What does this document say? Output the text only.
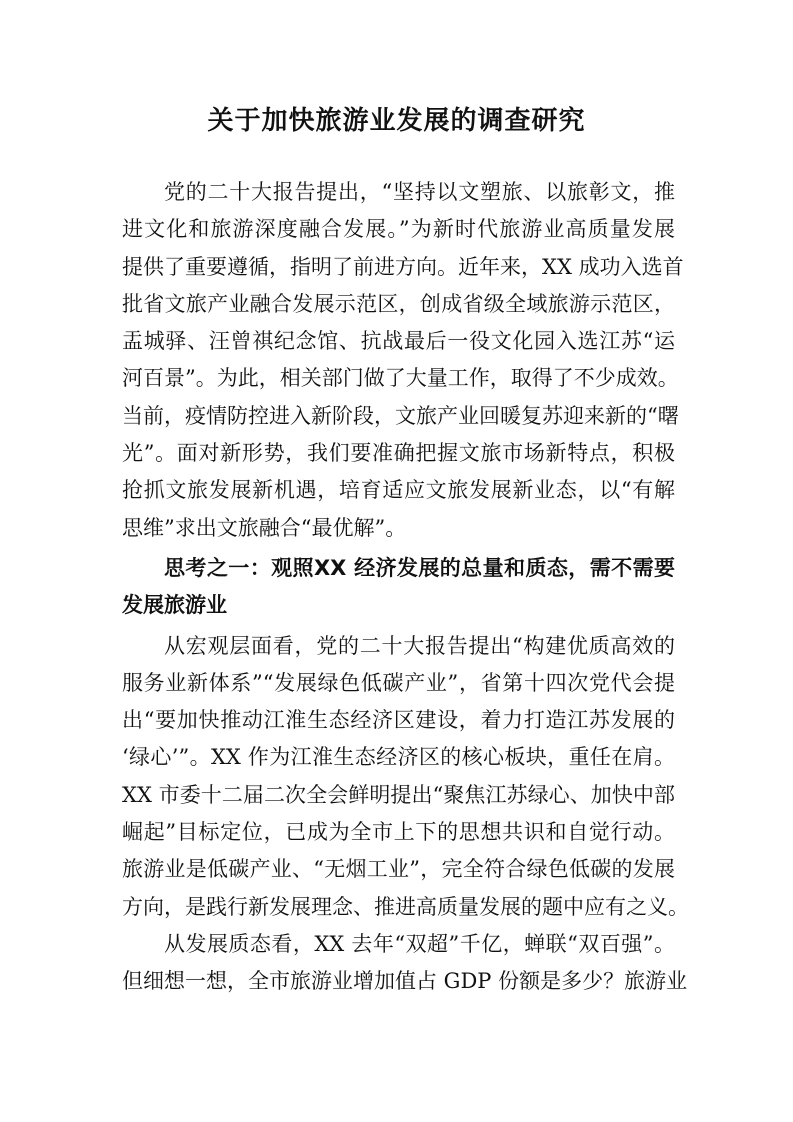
关于加快旅游业发展的调查研究
党的二十大报告提出，“坚持以文塑旅、以旅彰文，推
进文化和旅游深度融合发展。”为新时代旅游业高质量发展
提供了重要遵循，指明了前进方向。近年来，XX 成功入选首
批省文旅产业融合发展示范区，创成省级全域旅游示范区，
盂城驿、汪曾祺纪念馆、抗战最后一役文化园入选江苏“运
河百景”。为此，相关部门做了大量工作，取得了不少成效。
当前，疫情防控进入新阶段，文旅产业回暖复苏迎来新的“曙
光”。面对新形势，我们要准确把握文旅市场新特点，积极
抢抓文旅发展新机遇，培育适应文旅发展新业态，以“有解
思维”求出文旅融合“最优解”。
思考之一：观照XX 经济发展的总量和质态，需不需要
发展旅游业
从宏观层面看，党的二十大报告提出“构建优质高效的
服务业新体系”“发展绿色低碳产业”，省第十四次党代会提
出“要加快推动江淮生态经济区建设，着力打造江苏发展的
‘绿心’”。XX 作为江淮生态经济区的核心板块，重任在肩。
XX 市委十二届二次全会鲜明提出“聚焦江苏绿心、加快中部
崛起”目标定位，已成为全市上下的思想共识和自觉行动。
旅游业是低碳产业、“无烟工业”，完全符合绿色低碳的发展
方向，是践行新发展理念、推进高质量发展的题中应有之义。
从发展质态看，XX 去年“双超”千亿，蝉联“双百强”。
但细想一想，全市旅游业增加值占 GDP 份额是多少？旅游业
